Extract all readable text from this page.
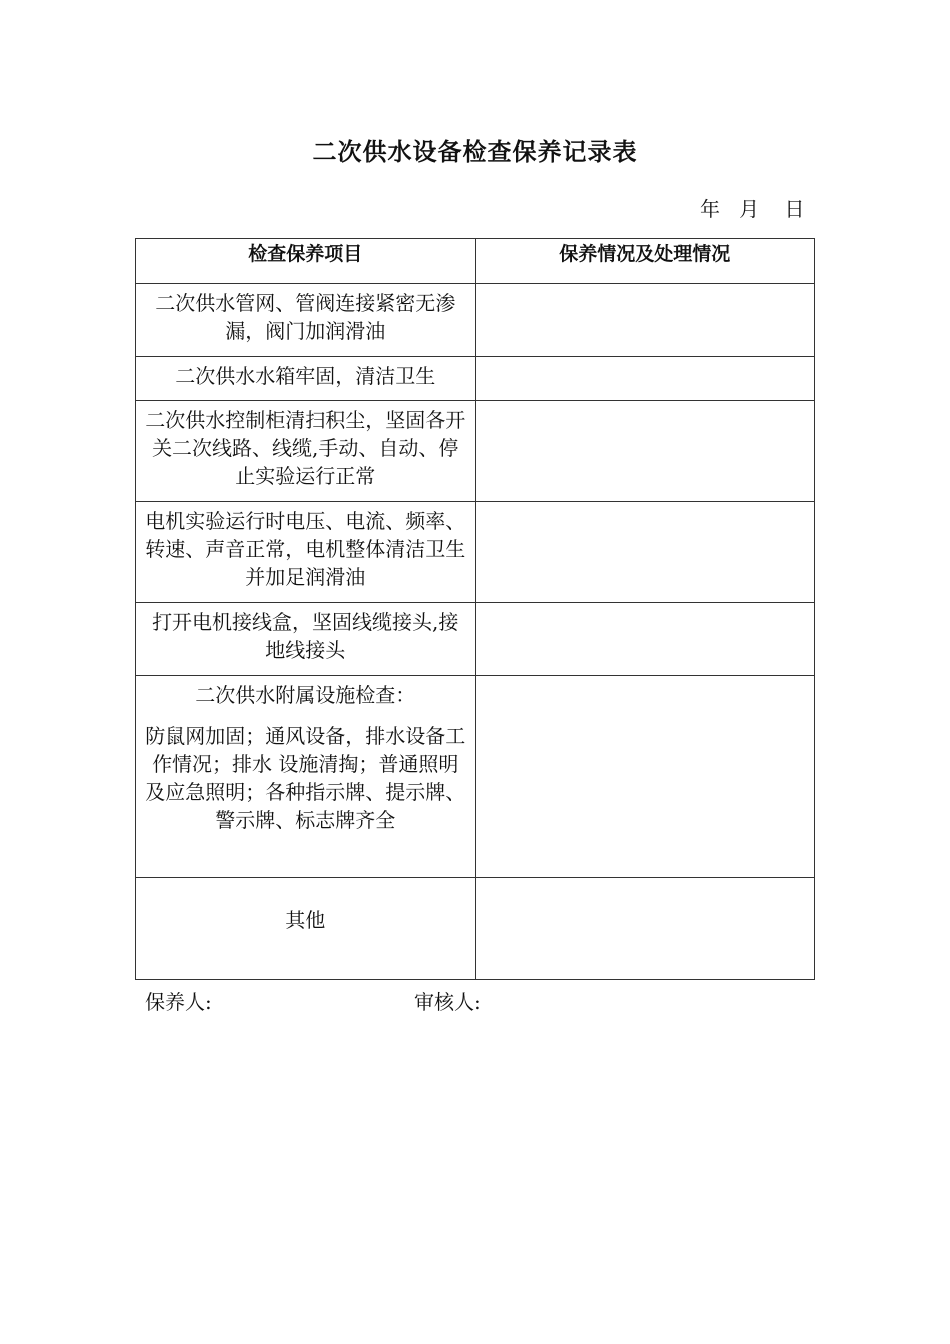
二次供水设备检查保养记录表
年   月    日
检查保养项目	保养情况及处理情况
二次供水管网、管阀连接紧密无渗漏，阀门加润滑油	
二次供水水箱牢固，清洁卫生	
二次供水控制柜清扫积尘，坚固各开关二次线路、线缆,手动、自动、停止实验运行正常	
电机实验运行时电压、电流、频率、转速、声音正常，电机整体清洁卫生并加足润滑油	
打开电机接线盒，坚固线缆接头,接地线接头	

二次供水附属设施检查：
防鼠网加固；通风设备，排水设备工作情况；排水 设施清掏；普通照明及应急照明；各种指示牌、提示牌、警示牌、标志牌齐全	

其他	
保养人:	审核人:
